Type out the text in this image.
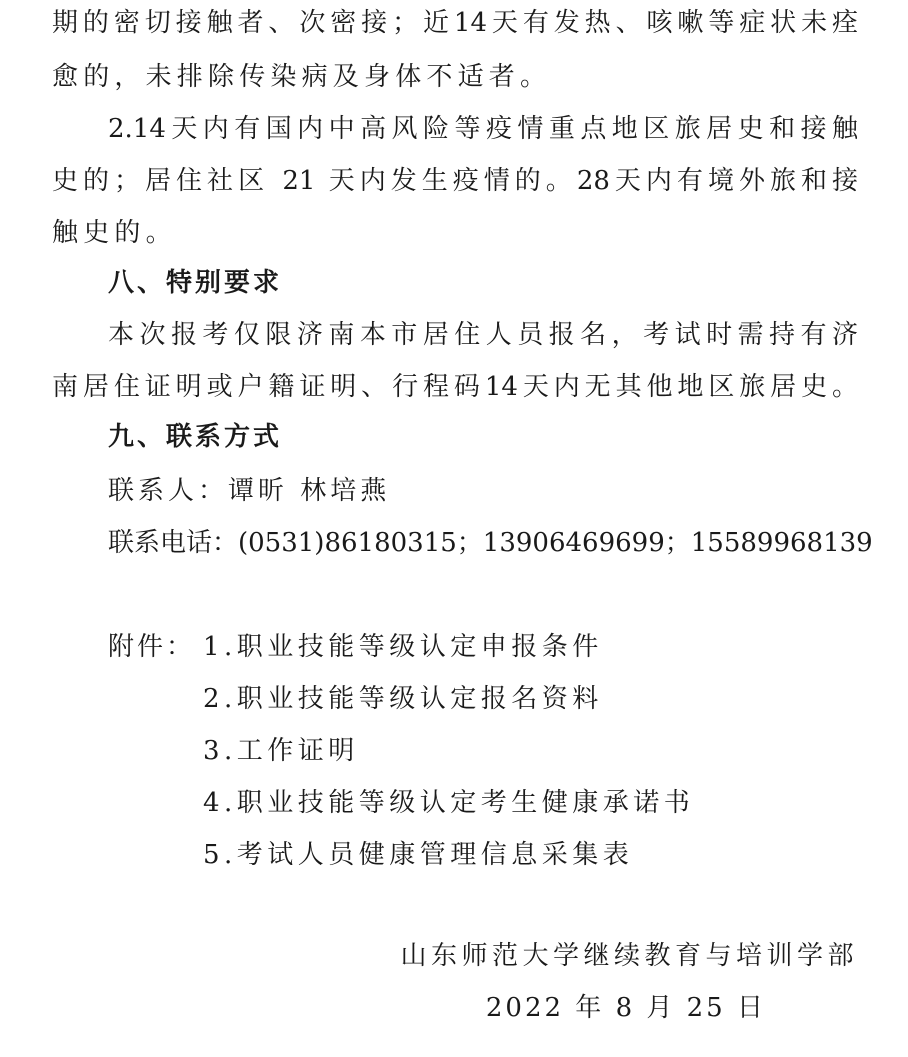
期的密切接触者、次密接；近14天有发热、咳嗽等症状未痊
愈的，未排除传染病及身体不适者。
2.14天内有国内中高风险等疫情重点地区旅居史和接触
史的；居住社区 21 天内发生疫情的。28天内有境外旅和接
触史的。
八、特别要求
本次报考仅限济南本市居住人员报名，考试时需持有济
南居住证明或户籍证明、行程码14天内无其他地区旅居史。
九、联系方式
联系人：谭昕 林培燕
联系电话：(0531)86180315；13906469699；15589968139
附件： 1.职业技能等级认定申报条件
2.职业技能等级认定报名资料
3.工作证明
4.职业技能等级认定考生健康承诺书
5.考试人员健康管理信息采集表
山东师范大学继续教育与培训学部
2022 年 8 月 25 日
